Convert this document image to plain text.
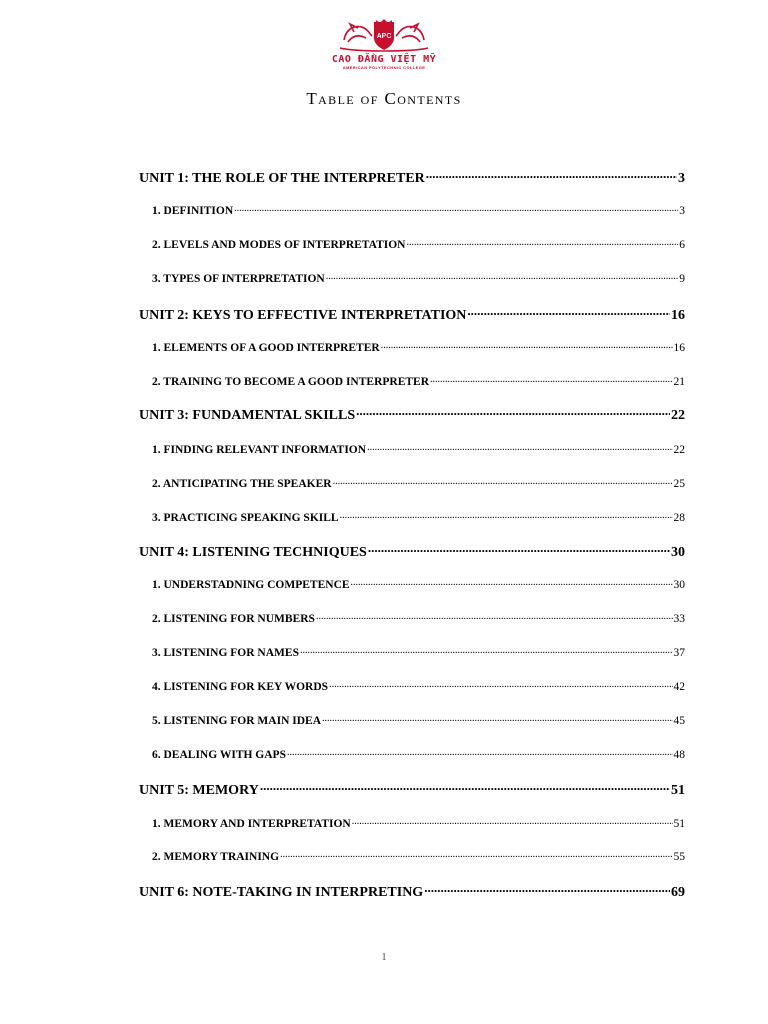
APC
CAO ĐẲNG VIỆT MỸ
AMERICAN POLYTECHNIC COLLEGE
Table of Contents
UNIT 1: THE ROLE OF THE INTERPRETER .....	3
1. DEFINITION .....	3
2. LEVELS AND MODES OF INTERPRETATION .....	6
3. TYPES OF INTERPRETATION .....	9
UNIT 2: KEYS TO EFFECTIVE INTERPRETATION .....	16
1. ELEMENTS OF A GOOD INTERPRETER .....	16
2. TRAINING TO BECOME A GOOD INTERPRETER .....	21
UNIT 3: FUNDAMENTAL SKILLS .....	22
1. FINDING RELEVANT INFORMATION .....	22
2. ANTICIPATING THE SPEAKER .....	25
3. PRACTICING SPEAKING SKILL .....	28
UNIT 4: LISTENING TECHNIQUES .....	30
1. UNDERSTADNING COMPETENCE .....	30
2. LISTENING FOR NUMBERS .....	33
3. LISTENING FOR NAMES .....	37
4. LISTENING FOR KEY WORDS .....	42
5. LISTENING FOR MAIN IDEA .....	45
6. DEALING WITH GAPS .....	48
UNIT 5: MEMORY .....	51
1. MEMORY AND INTERPRETATION .....	51
2. MEMORY TRAINING .....	55
UNIT 6: NOTE-TAKING IN INTERPRETING .....	69
1
